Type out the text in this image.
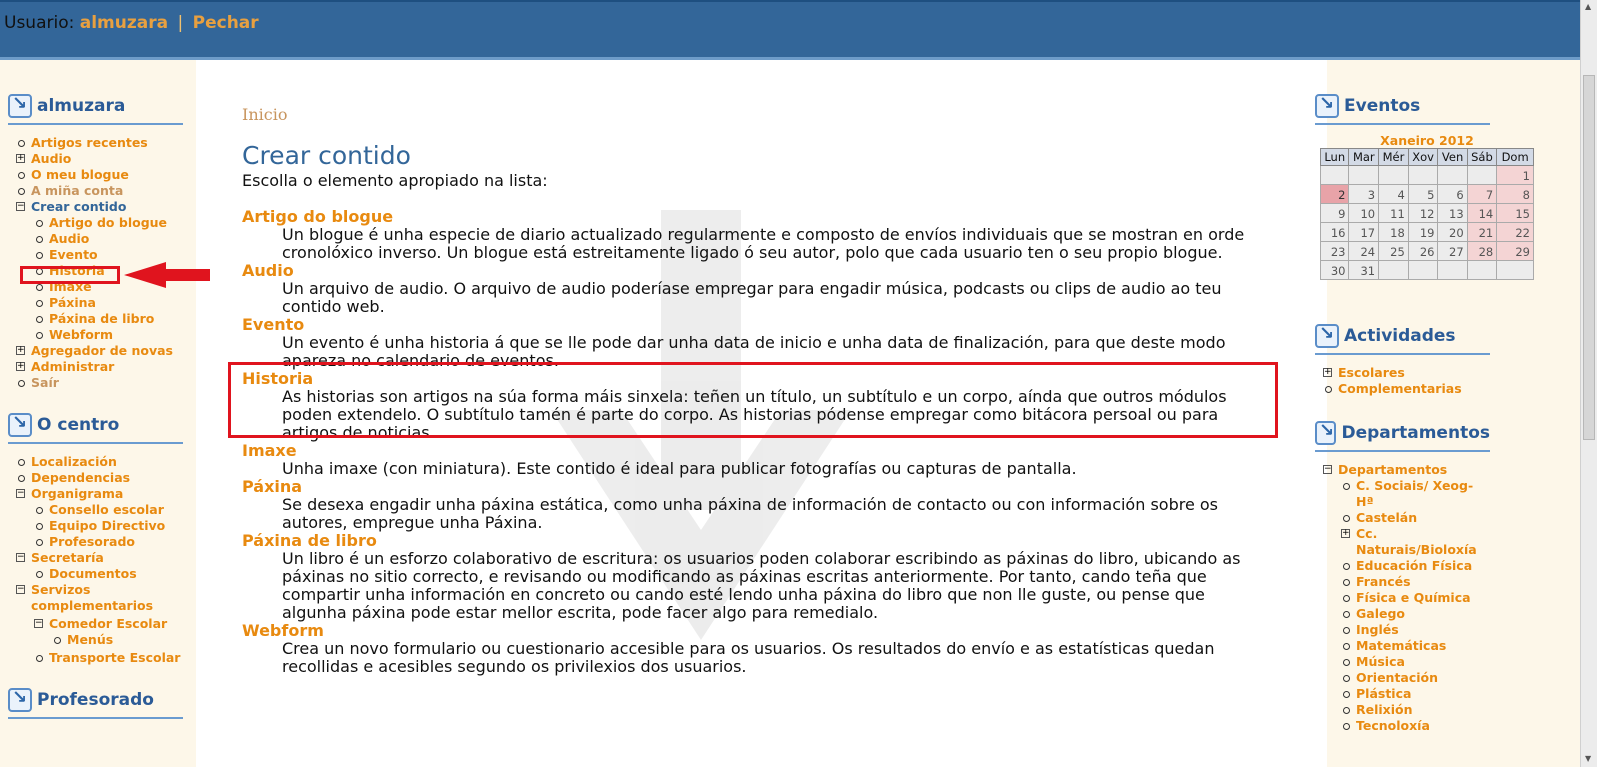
Usuario: almuzara | Pechar
↘
almuzara
Artigos recentes
+ Audio
O meu blogue
A miña conta
− Crear contido
Artigo do blogue
Audio
Evento
Historia
Imaxe
Páxina
Páxina de libro
Webform
+ Agregador de novas
+ Administrar
Saír
↘
O centro
Localización
Dependencias
− Organigrama
Consello escolar
Equipo Directivo
Profesorado
− Secretaría
Documentos
− Servizos complementarios
− Comedor Escolar
Menús
Transporte Escolar
↘
Profesorado
Inicio
Crear contido
Escolla o elemento apropiado na lista:
Artigo do blogue
Un blogue é unha especie de diario actualizado regularmente e composto de envíos individuais que se mostran en orde cronolóxico inverso. Un blogue está estreitamente ligado ó seu autor, polo que cada usuario ten o seu propio blogue.
Audio
Un arquivo de audio. O arquivo de audio poderíase empregar para engadir música, podcasts ou clips de audio ao teu contido web.
Evento
Un evento é unha historia á que se lle pode dar unha data de inicio e unha data de finalización, para que deste modo apareza no calendario de eventos.
Historia
As historias son artigos na súa forma máis sinxela: teñen un título, un subtítulo e un corpo, aínda que outros módulos poden extendelo. O subtítulo tamén é parte do corpo. As historias pódense empregar como bitácora persoal ou para artigos de noticias.
Imaxe
Unha imaxe (con miniatura). Este contido é ideal para publicar fotografías ou capturas de pantalla.
Páxina
Se desexa engadir unha páxina estática, como unha páxina de información de contacto ou con información sobre os autores, empregue unha Páxina.
Páxina de libro
Un libro é un esforzo colaborativo de escritura: os usuarios poden colaborar escribindo as páxinas do libro, ubicando as páxinas no sitio correcto, e revisando ou modificando as páxinas escritas anteriormente. Por tanto, cando teña que compartir unha información en concreto ou cando esté lendo unha páxina do libro que non lle guste, ou pense que algunha páxina pode estar mellor escrita, pode facer algo para remedialo.
Webform
Crea un novo formulario ou cuestionario accesible para os usuarios. Os resultados do envío e as estatísticas quedan recollidas e acesibles segundo os privilexios dos usuarios.
↘
Eventos
Xaneiro 2012
Lun	Mar	Mér	Xov	Ven	Sáb	Dom
						1
2	3	4	5	6	7	8
9	10	11	12	13	14	15
16	17	18	19	20	21	22
23	24	25	26	27	28	29
30	31					
↘
Actividades
+ Escolares
Complementarias
↘
Departamentos
− Departamentos
C. Sociais/ Xeog-Hª
Castelán
+ Cc. Naturais/Bioloxía
Educación Física
Francés
Física e Química
Galego
Inglés
Matemáticas
Música
Orientación
Plástica
Relixión
Tecnoloxía
▲
▼
